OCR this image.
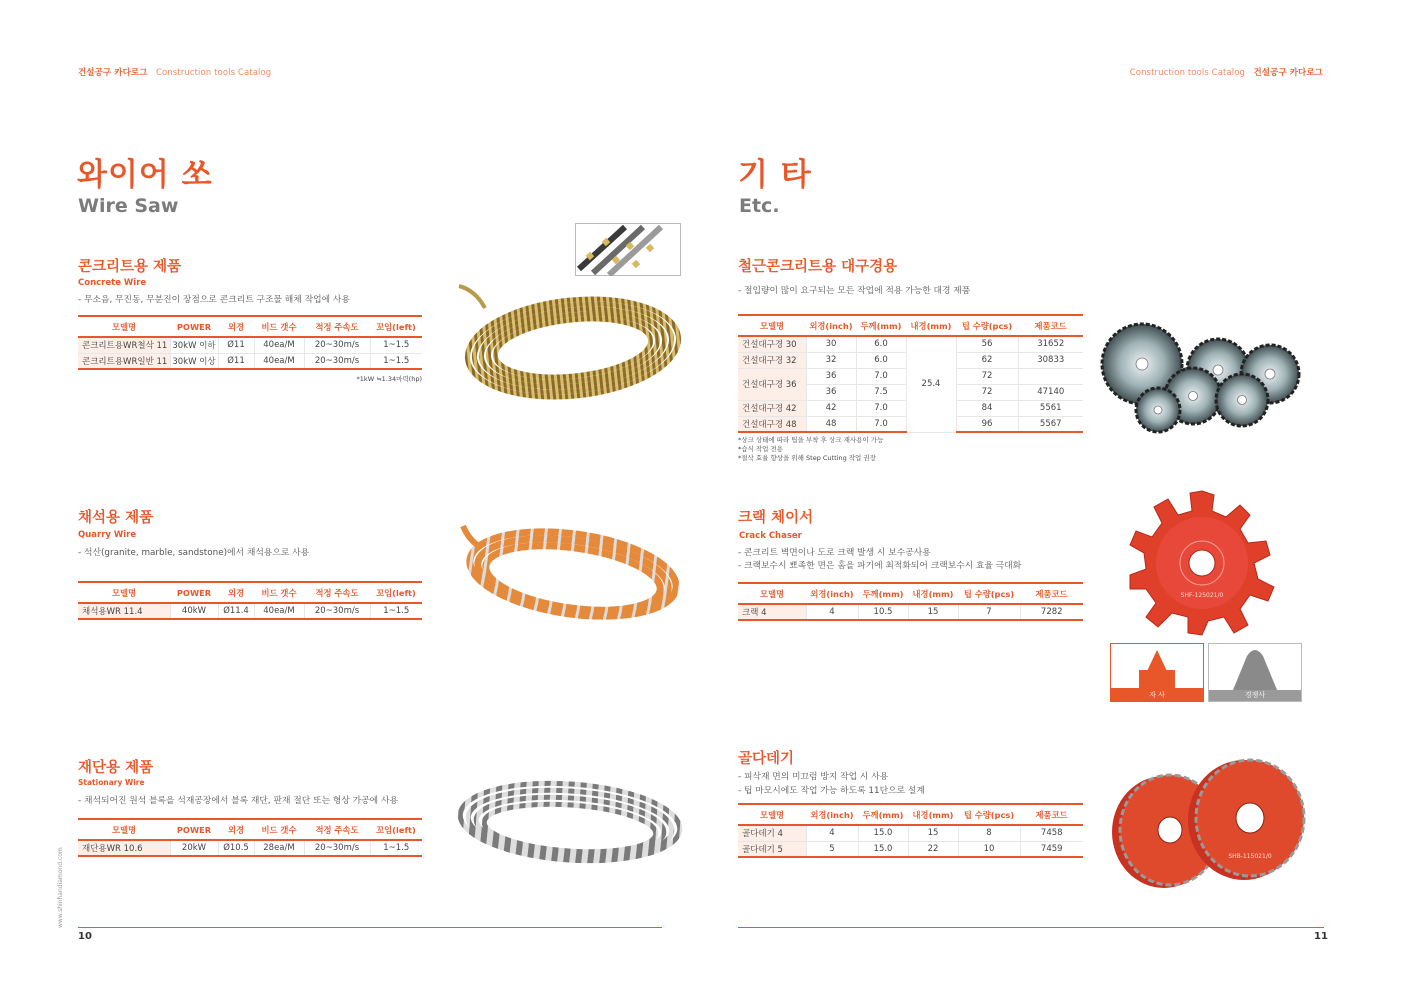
건설공구 카다로그 Construction tools Catalog	Construction tools Catalog 건설공구 카다로그
와이어 쏘
Wire Saw
기 타
Etc.
콘크리트용 제품
Concrete Wire
- 무소음, 무진동, 무분진이 장점으로 콘크리트 구조물 해체 작업에 사용
모델명	POWER	외경	비드 갯수	적정 주속도	꼬임(left)
콘크리트용WR철삭 11	30kW 이하	Ø11	40ea/M	20~30m/s	1~1.5
콘크리트용WR일반 11	30kW 이상	Ø11	40ea/M	20~30m/s	1~1.5
*1kW ≒1.34마력(hp)
채석용 제품
Quarry Wire
- 석산(granite, marble, sandstone)에서 채석용으로 사용
모델명	POWER	외경	비드 갯수	적정 주속도	꼬임(left)
채석용WR 11.4	40kW	Ø11.4	40ea/M	20~30m/s	1~1.5
재단용 제품
Stationary Wire
- 채석되어진 원석 블록을 석재공장에서 블록 재단, 판재 절단 또는 형상 가공에 사용
모델명	POWER	외경	비드 갯수	적정 주속도	꼬임(left)
재단용WR 10.6	20kW	Ø10.5	28ea/M	20~30m/s	1~1.5
10
www.shinhandiamond.com
철근콘크리트용 대구경용
- 절입량이 많이 요구되는 모든 작업에 적용 가능한 대경 제품
모델명	외경(inch)	두께(mm)	내경(mm)	팁 수량(pcs)	제품코드
건설대구경 30	30	6.0	25.4	56	31652
건설대구경 32	32	6.0		62	30833
건설대구경 36	36	7.0		72	
	36	7.5		72	47140
건설대구경 42	42	7.0		84	5561
건설대구경 48	48	7.0		96	5567
*상크 상태에 따라 팁을 부착 후 상크 재사용이 가능
*습식 작업 전용
*절삭 효율 향상을 위해 Step Cutting 작업 권장
크랙 체이서
Crack Chaser
- 콘크리트 벽면이나 도로 크랙 발생 시 보수공사용
- 크랙보수시 뾰족한 면은 홈을 파기에 최적화되어 크랙보수시 효율 극대화
모델명	외경(inch)	두께(mm)	내경(mm)	팁 수량(pcs)	제품코드
크랙 4	4	10.5	15	7	7282
SHF-125021/0
자 사	경쟁사
골다데기
- 피삭재 면의 미끄럼 방지 작업 시 사용
- 팁 마모시에도 작업 가능 하도록 11단으로 설계
모델명	외경(inch)	두께(mm)	내경(mm)	팁 수량(pcs)	제품코드
골다데기 4	4	15.0	15	8	7458
골다데기 5	5	15.0	22	10	7459
SHB-115021/0
11
